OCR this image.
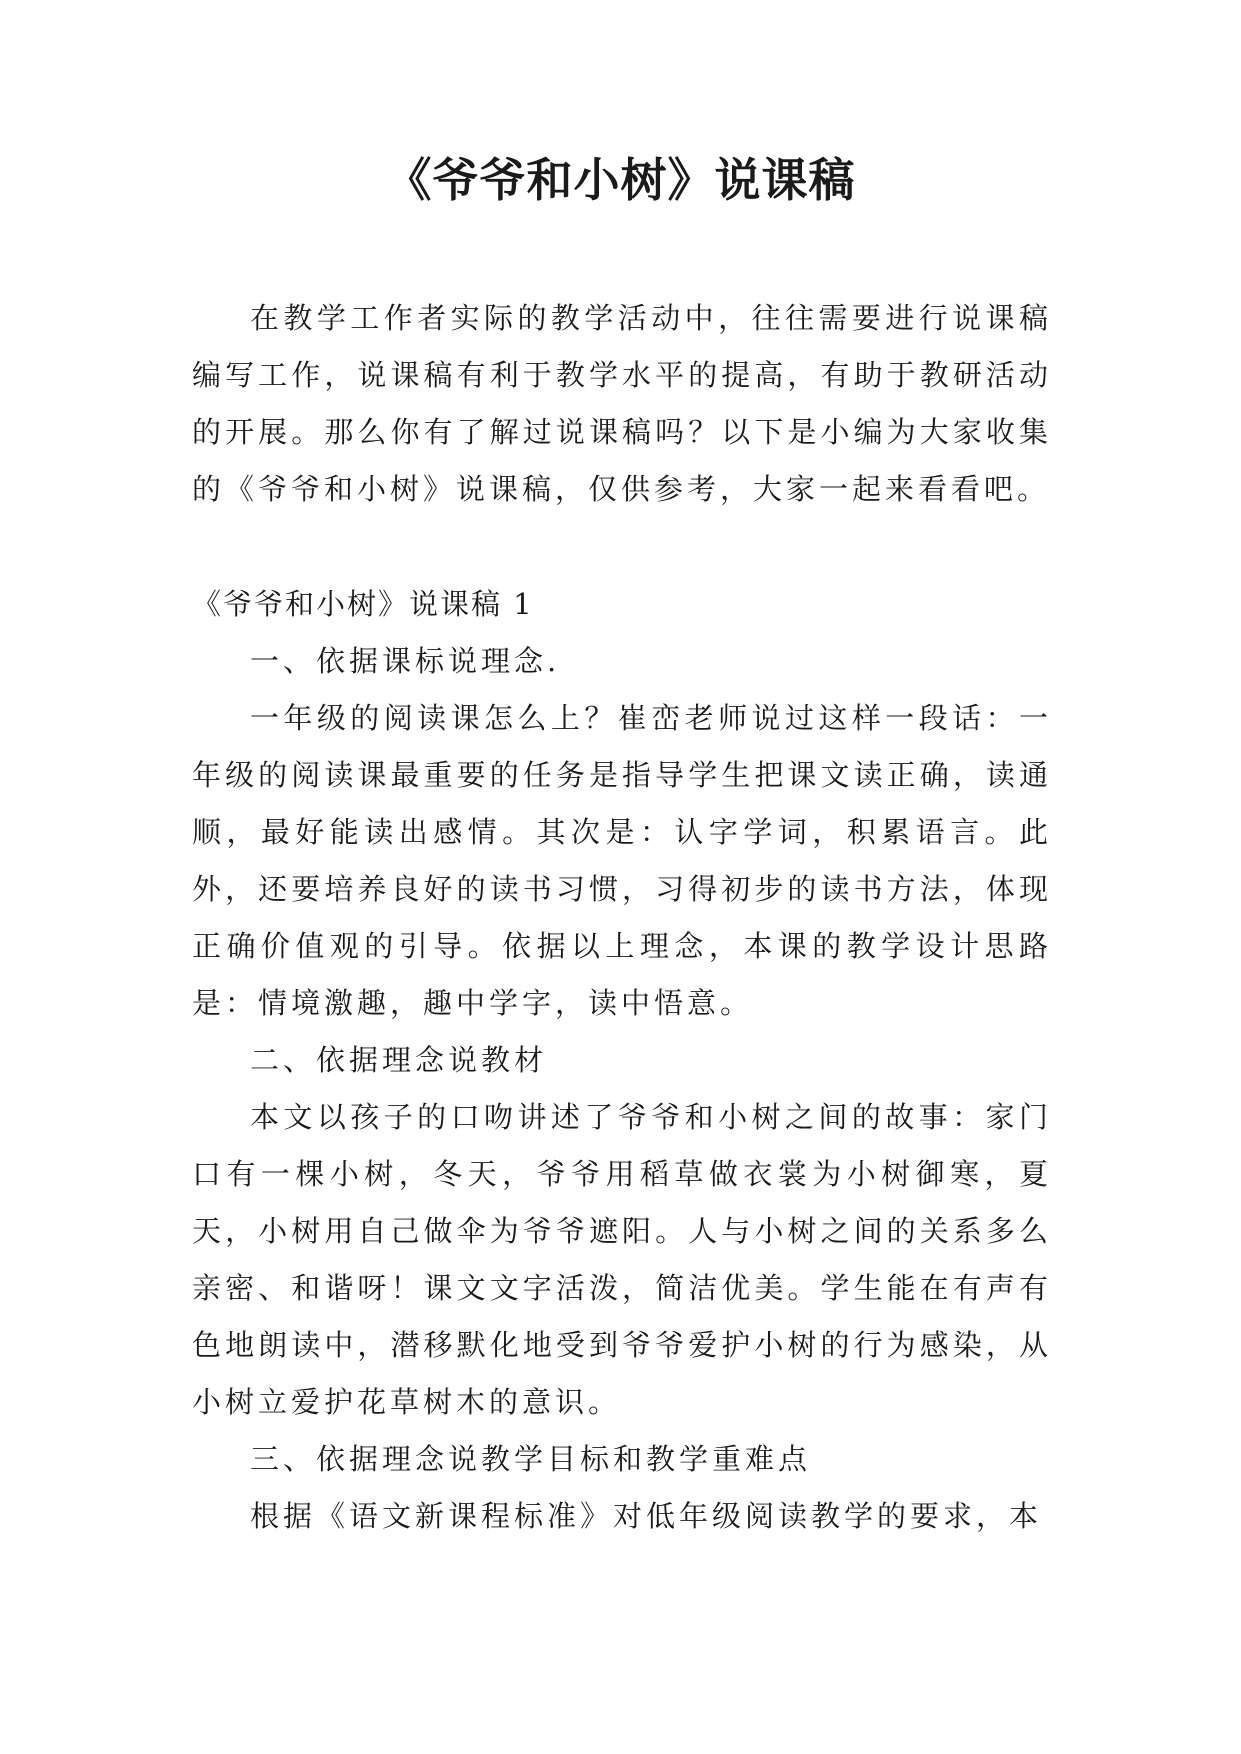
《爷爷和小树》说课稿

在教学工作者实际的教学活动中，往往需要进行说课稿编写工作，说课稿有利于教学水平的提高，有助于教研活动的开展。那么你有了解过说课稿吗？以下是小编为大家收集的《爷爷和小树》说课稿，仅供参考，大家一起来看看吧。

《爷爷和小树》说课稿 1

一、依据课标说理念.

一年级的阅读课怎么上？崔峦老师说过这样一段话：一年级的阅读课最重要的任务是指导学生把课文读正确，读通顺，最好能读出感情。其次是：认字学词，积累语言。此外，还要培养良好的读书习惯，习得初步的读书方法，体现正确价值观的引导。依据以上理念，本课的教学设计思路是：情境激趣，趣中学字，读中悟意。

二、依据理念说教材

本文以孩子的口吻讲述了爷爷和小树之间的故事：家门口有一棵小树，冬天，爷爷用稻草做衣裳为小树御寒，夏天，小树用自己做伞为爷爷遮阳。人与小树之间的关系多么亲密、和谐呀！课文文字活泼，简洁优美。学生能在有声有色地朗读中，潜移默化地受到爷爷爱护小树的行为感染，从小树立爱护花草树木的意识。

三、依据理念说教学目标和教学重难点

根据《语文新课程标准》对低年级阅读教学的要求，本
